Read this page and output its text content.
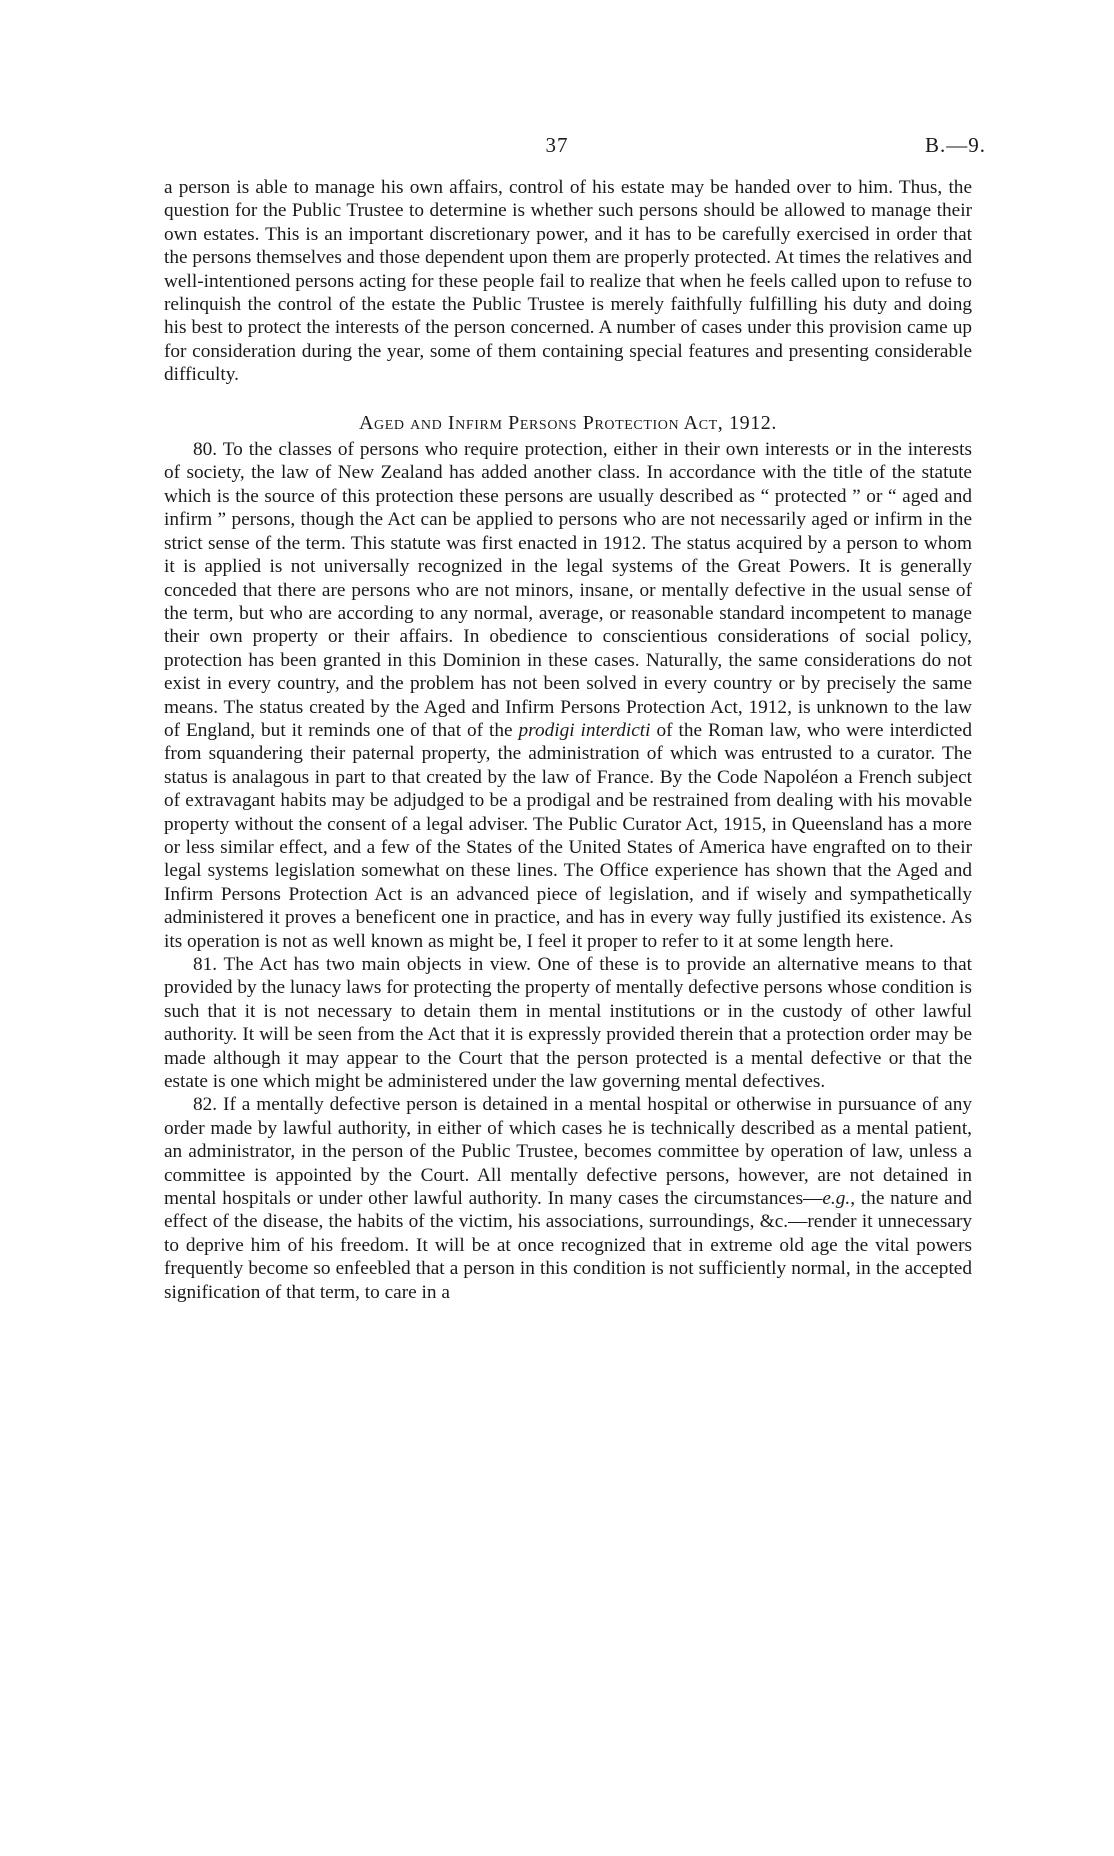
37	B.—9.

a person is able to manage his own affairs, control of his estate may be handed over to him. Thus, the question for the Public Trustee to determine is whether such persons should be allowed to manage their own estates. This is an important discretionary power, and it has to be carefully exercised in order that the persons themselves and those dependent upon them are properly protected. At times the relatives and well-intentioned persons acting for these people fail to realize that when he feels called upon to refuse to relinquish the control of the estate the Public Trustee is merely faithfully fulfilling his duty and doing his best to protect the interests of the person concerned. A number of cases under this provision came up for consideration during the year, some of them containing special features and presenting considerable difficulty.

Aged and Infirm Persons Protection Act, 1912.

80. To the classes of persons who require protection, either in their own interests or in the interests of society, the law of New Zealand has added another class. In accordance with the title of the statute which is the source of this protection these persons are usually described as “ protected ” or “ aged and infirm ” persons, though the Act can be applied to persons who are not necessarily aged or infirm in the strict sense of the term. This statute was first enacted in 1912. The status acquired by a person to whom it is applied is not universally recognized in the legal systems of the Great Powers. It is generally conceded that there are persons who are not minors, insane, or mentally defective in the usual sense of the term, but who are according to any normal, average, or reasonable standard incompetent to manage their own property or their affairs. In obedience to conscientious considerations of social policy, protection has been granted in this Dominion in these cases. Naturally, the same considerations do not exist in every country, and the problem has not been solved in every country or by precisely the same means. The status created by the Aged and Infirm Persons Protection Act, 1912, is unknown to the law of England, but it reminds one of that of the prodigi interdicti of the Roman law, who were interdicted from squandering their paternal property, the administration of which was entrusted to a curator. The status is analagous in part to that created by the law of France. By the Code Napoléon a French subject of extravagant habits may be adjudged to be a prodigal and be restrained from dealing with his movable property without the consent of a legal adviser. The Public Curator Act, 1915, in Queensland has a more or less similar effect, and a few of the States of the United States of America have engrafted on to their legal systems legislation somewhat on these lines. The Office experience has shown that the Aged and Infirm Persons Protection Act is an advanced piece of legislation, and if wisely and sympathetically administered it proves a beneficent one in practice, and has in every way fully justified its existence. As its operation is not as well known as might be, I feel it proper to refer to it at some length here.

81. The Act has two main objects in view. One of these is to provide an alternative means to that provided by the lunacy laws for protecting the property of mentally defective persons whose condition is such that it is not necessary to detain them in mental institutions or in the custody of other lawful authority. It will be seen from the Act that it is expressly provided therein that a protection order may be made although it may appear to the Court that the person protected is a mental defective or that the estate is one which might be administered under the law governing mental defectives.

82. If a mentally defective person is detained in a mental hospital or otherwise in pursuance of any order made by lawful authority, in either of which cases he is technically described as a mental patient, an administrator, in the person of the Public Trustee, becomes committee by operation of law, unless a committee is appointed by the Court. All mentally defective persons, however, are not detained in mental hospitals or under other lawful authority. In many cases the circumstances—e.g., the nature and effect of the disease, the habits of the victim, his associations, surroundings, &c.—render it unnecessary to deprive him of his freedom. It will be at once recognized that in extreme old age the vital powers frequently become so enfeebled that a person in this condition is not sufficiently normal, in the accepted signification of that term, to care in a
